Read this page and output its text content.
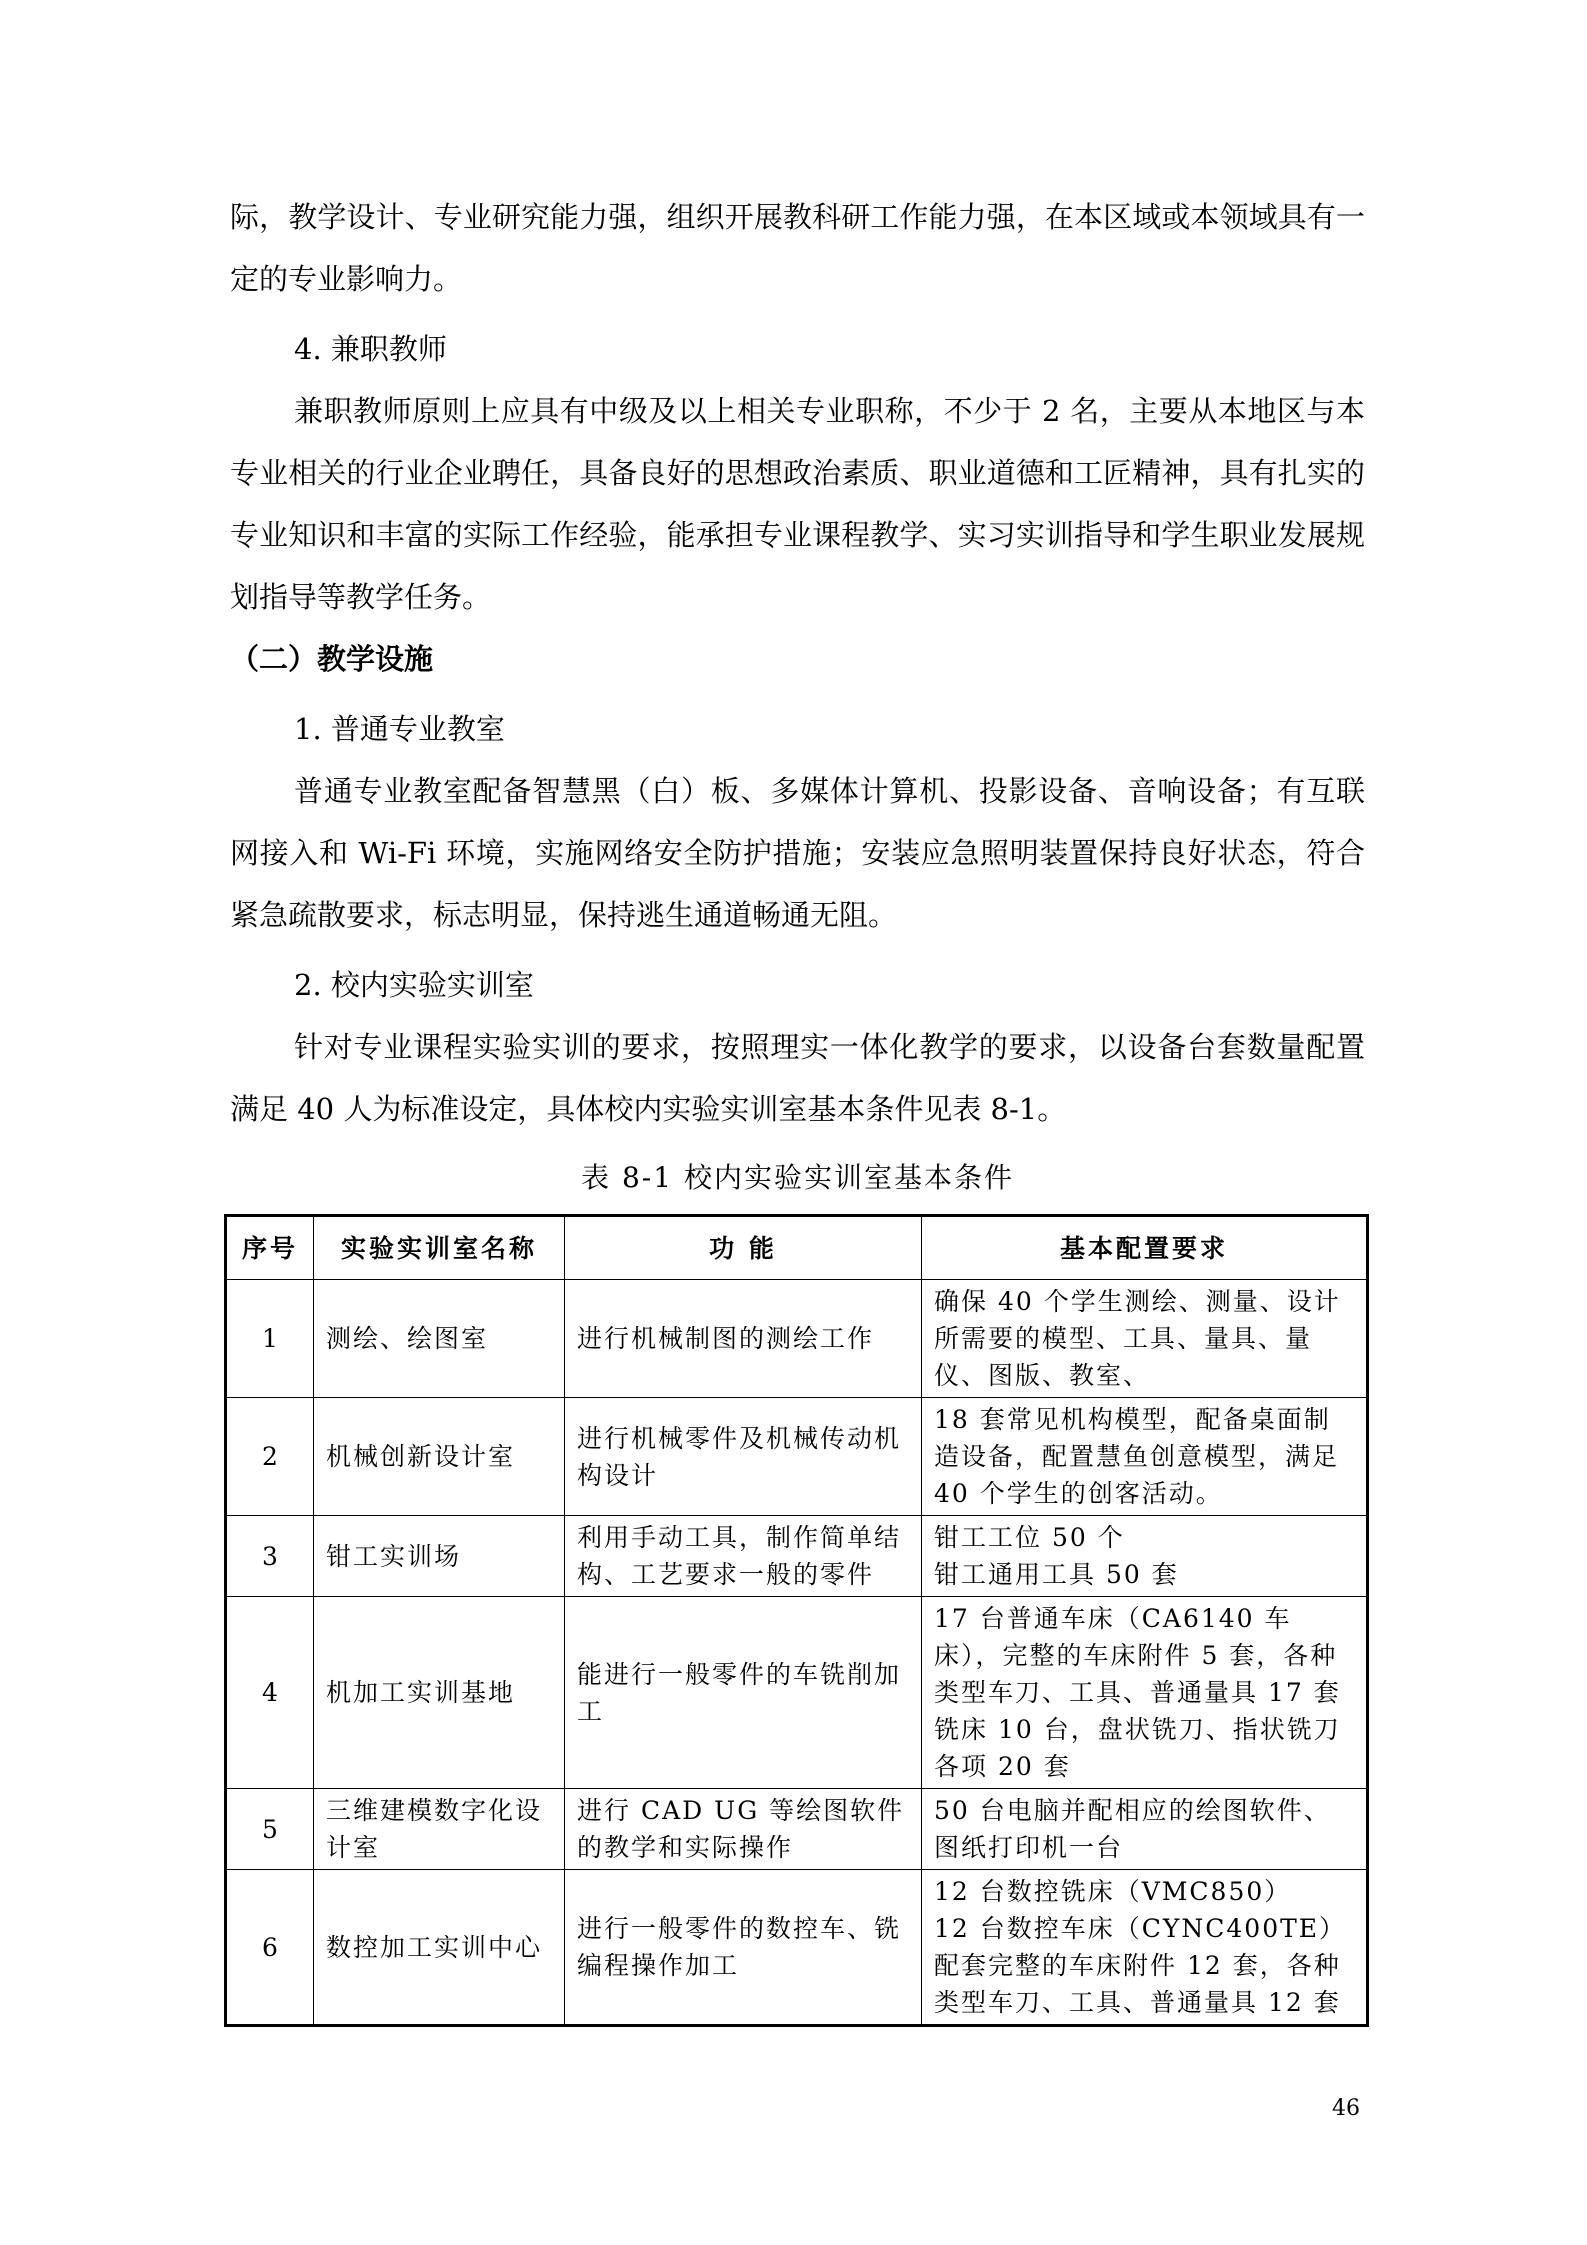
际，教学设计、专业研究能力强，组织开展教科研工作能力强，在本区域或本领域具有一定的专业影响力。

4. 兼职教师

兼职教师原则上应具有中级及以上相关专业职称，不少于 2 名，主要从本地区与本专业相关的行业企业聘任，具备良好的思想政治素质、职业道德和工匠精神，具有扎实的专业知识和丰富的实际工作经验，能承担专业课程教学、实习实训指导和学生职业发展规划指导等教学任务。

（二）教学设施

1. 普通专业教室

普通专业教室配备智慧黑（白）板、多媒体计算机、投影设备、音响设备；有互联网接入和 Wi-Fi 环境，实施网络安全防护措施；安装应急照明装置保持良好状态，符合紧急疏散要求，标志明显，保持逃生通道畅通无阻。

2. 校内实验实训室

针对专业课程实验实训的要求，按照理实一体化教学的要求，以设备台套数量配置满足 40 人为标准设定，具体校内实验实训室基本条件见表 8-1。

表 8-1 校内实验实训室基本条件
序号	实验实训室名称	功 能	基本配置要求
1	测绘、绘图室	进行机械制图的测绘工作	确保 40 个学生测绘、测量、设计所需要的模型、工具、量具、量仪、图版、教室、

2	机械创新设计室	进行机械零件及机械传动机构设计	18 套常见机构模型，配备桌面制造设备，配置慧鱼创意模型，满足 40 个学生的创客活动。

3	钳工实训场	利用手动工具，制作简单结构、工艺要求一般的零件	钳工工位 50 个
钳工通用工具 50 套

4	机加工实训基地	能进行一般零件的车铣削加工	17 台普通车床（CA6140 车床），完整的车床附件 5 套，各种类型车刀、工具、普通量具 17 套
铣床 10 台，盘状铣刀、指状铣刀各项 20 套

5	三维建模数字化设计室	进行 CAD UG 等绘图软件的教学和实际操作	50 台电脑并配相应的绘图软件、图纸打印机一台

6	数控加工实训中心	进行一般零件的数控车、铣编程操作加工	12 台数控铣床（VMC850）
12 台数控车床（CYNC400TE）
配套完整的车床附件 12 套，各种类型车刀、工具、普通量具 12 套
46
